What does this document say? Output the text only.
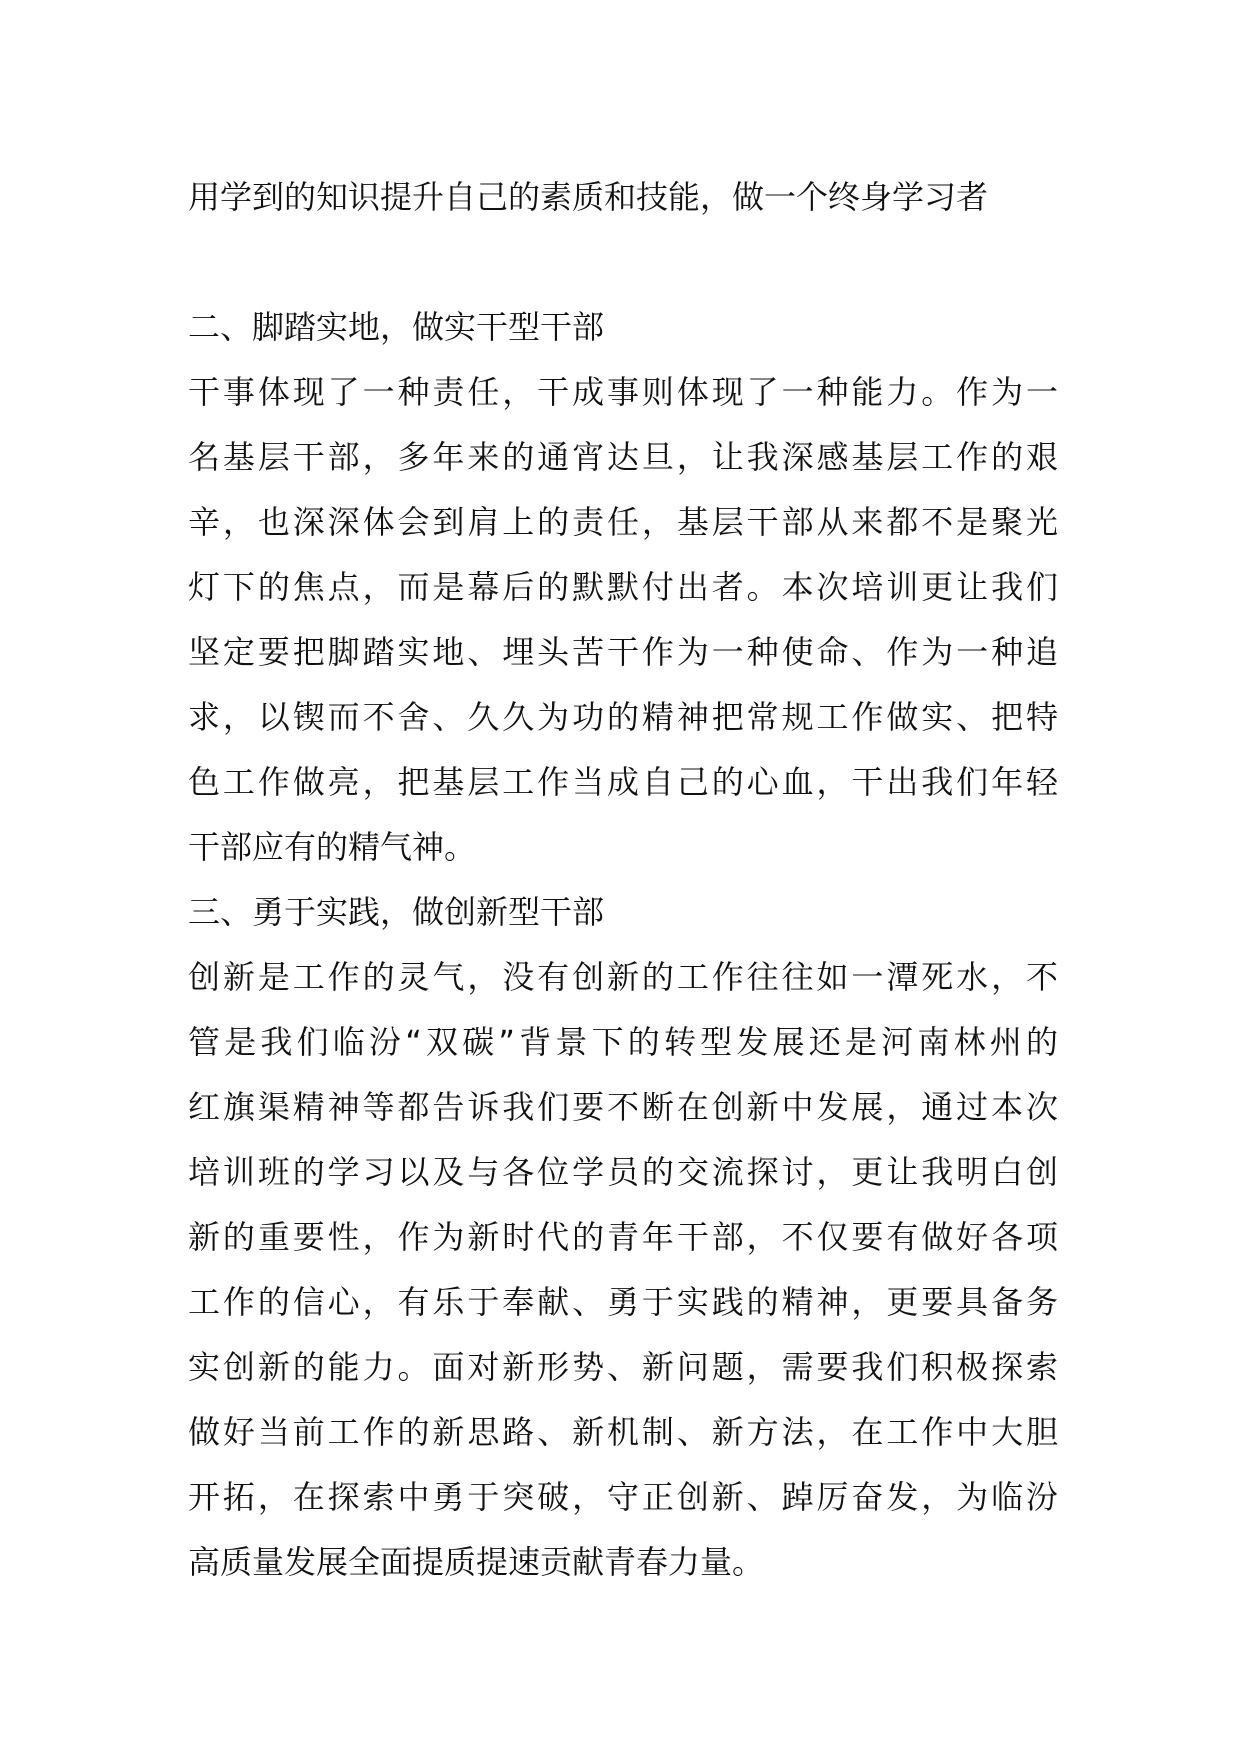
用学到的知识提升自己的素质和技能，做一个终身学习者
二、脚踏实地，做实干型干部
干事体现了一种责任，干成事则体现了一种能力。作为一
名基层干部，多年来的通宵达旦，让我深感基层工作的艰
辛，也深深体会到肩上的责任，基层干部从来都不是聚光
灯下的焦点，而是幕后的默默付出者。本次培训更让我们
坚定要把脚踏实地、埋头苦干作为一种使命、作为一种追
求，以锲而不舍、久久为功的精神把常规工作做实、把特
色工作做亮，把基层工作当成自己的心血，干出我们年轻
干部应有的精气神。
三、勇于实践，做创新型干部
创新是工作的灵气，没有创新的工作往往如一潭死水，不
管是我们临汾“双碳”背景下的转型发展还是河南林州的
红旗渠精神等都告诉我们要不断在创新中发展，通过本次
培训班的学习以及与各位学员的交流探讨，更让我明白创
新的重要性，作为新时代的青年干部，不仅要有做好各项
工作的信心，有乐于奉献、勇于实践的精神，更要具备务
实创新的能力。面对新形势、新问题，需要我们积极探索
做好当前工作的新思路、新机制、新方法，在工作中大胆
开拓，在探索中勇于突破，守正创新、踔厉奋发，为临汾
高质量发展全面提质提速贡献青春力量。
